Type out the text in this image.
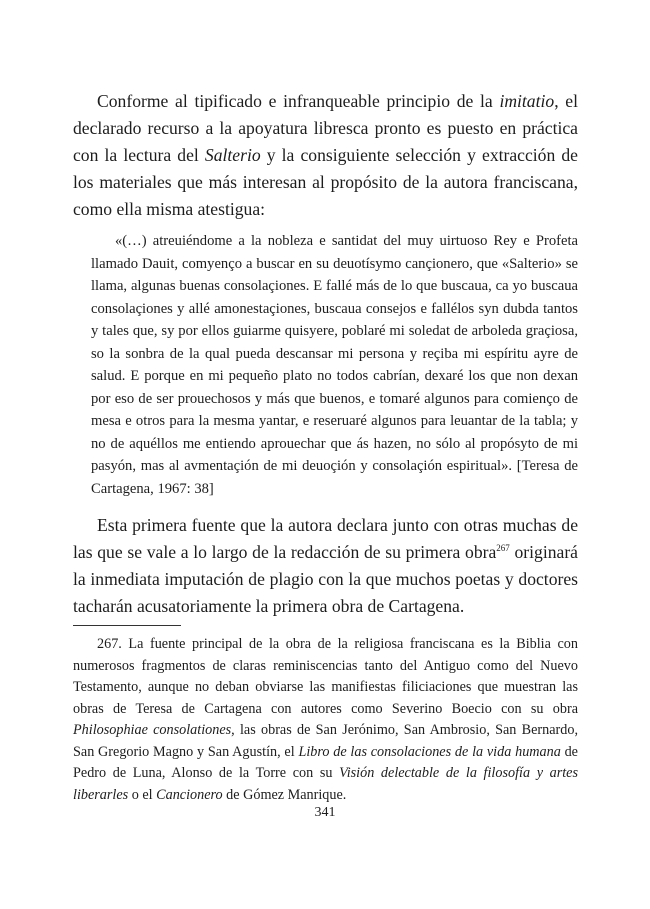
Conforme al tipificado e infranqueable principio de la imitatio, el declarado recurso a la apoyatura libresca pronto es puesto en práctica con la lectura del Salterio y la consiguiente selección y extracción de los materiales que más interesan al propósito de la autora franciscana, como ella misma atestigua:

«(…) atreuiéndome a la nobleza e santidat del muy uirtuoso Rey e Profeta llamado Dauit, comyenço a buscar en su deuotísymo cançionero, que «Salterio» se llama, algunas buenas consolaçiones. E fallé más de lo que buscaua, ca yo buscaua consolaçiones y allé amonestaçiones, buscaua consejos e fallélos syn dubda tantos y tales que, sy por ellos guiarme quisyere, poblaré mi soledat de arboleda graçiosa, so la sonbra de la qual pueda descansar mi persona y reçiba mi espíritu ayre de salud. E porque en mi pequeño plato no todos cabrían, dexaré los que non dexan por eso de ser prouechosos y más que buenos, e tomaré algunos para comienço de mesa e otros para la mesma yantar, e reseruaré algunos para leuantar de la tabla; y no de aquéllos me entiendo aprouechar que ás hazen, no sólo al propósyto de mi pasyón, mas al avmentaçión de mi deuoçión y consolaçión espiritual». [Teresa de Cartagena, 1967: 38]

Esta primera fuente que la autora declara junto con otras muchas de las que se vale a lo largo de la redacción de su primera obra$^{267}$ originará la inmediata imputación de plagio con la que muchos poetas y doctores tacharán acusatoriamente la primera obra de Cartagena.

267. La fuente principal de la obra de la religiosa franciscana es la Biblia con numerosos fragmentos de claras reminiscencias tanto del Antiguo como del Nuevo Testamento, aunque no deban obviarse las manifiestas filiciaciones que muestran las obras de Teresa de Cartagena con autores como Severino Boecio con su obra Philosophiae consolationes, las obras de San Jerónimo, San Ambrosio, San Bernardo, San Gregorio Magno y San Agustín, el Libro de las consolaciones de la vida humana de Pedro de Luna, Alonso de la Torre con su Visión delectable de la filosofía y artes liberarles o el Cancionero de Gómez Manrique.

341
